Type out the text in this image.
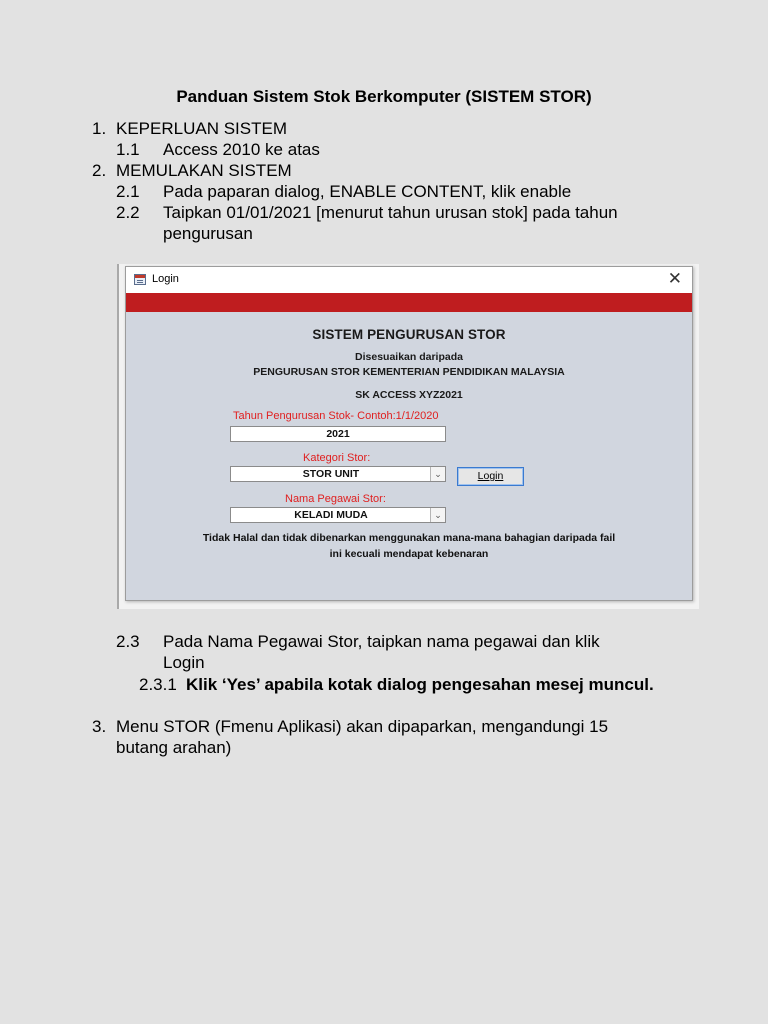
Panduan Sistem Stok Berkomputer (SISTEM STOR)
1. KEPERLUAN SISTEM
1.1 Access 2010 ke atas
2. MEMULAKAN SISTEM
2.1 Pada paparan dialog, ENABLE CONTENT, klik enable
2.2 Taipkan 01/01/2021 [menurut tahun urusan stok] pada tahun
pengurusan
Login	✕
SISTEM PENGURUSAN STOR
Disesuaikan daripada
PENGURUSAN STOR KEMENTERIAN PENDIDIKAN MALAYSIA
SK ACCESS XYZ2021
Tahun Pengurusan Stok- Contoh:1/1/2020
2021
Kategori Stor:
STOR UNIT	⌄	Login
Nama Pegawai Stor:
KELADI MUDA	⌄
Tidak Halal dan tidak dibenarkan menggunakan mana-mana bahagian daripada fail
ini kecuali mendapat kebenaran
2.3 Pada Nama Pegawai Stor, taipkan nama pegawai dan klik
Login
2.3.1 Klik ‘Yes’ apabila kotak dialog pengesahan mesej muncul.
3. Menu STOR (Fmenu Aplikasi) akan dipaparkan, mengandungi 15
butang arahan)
